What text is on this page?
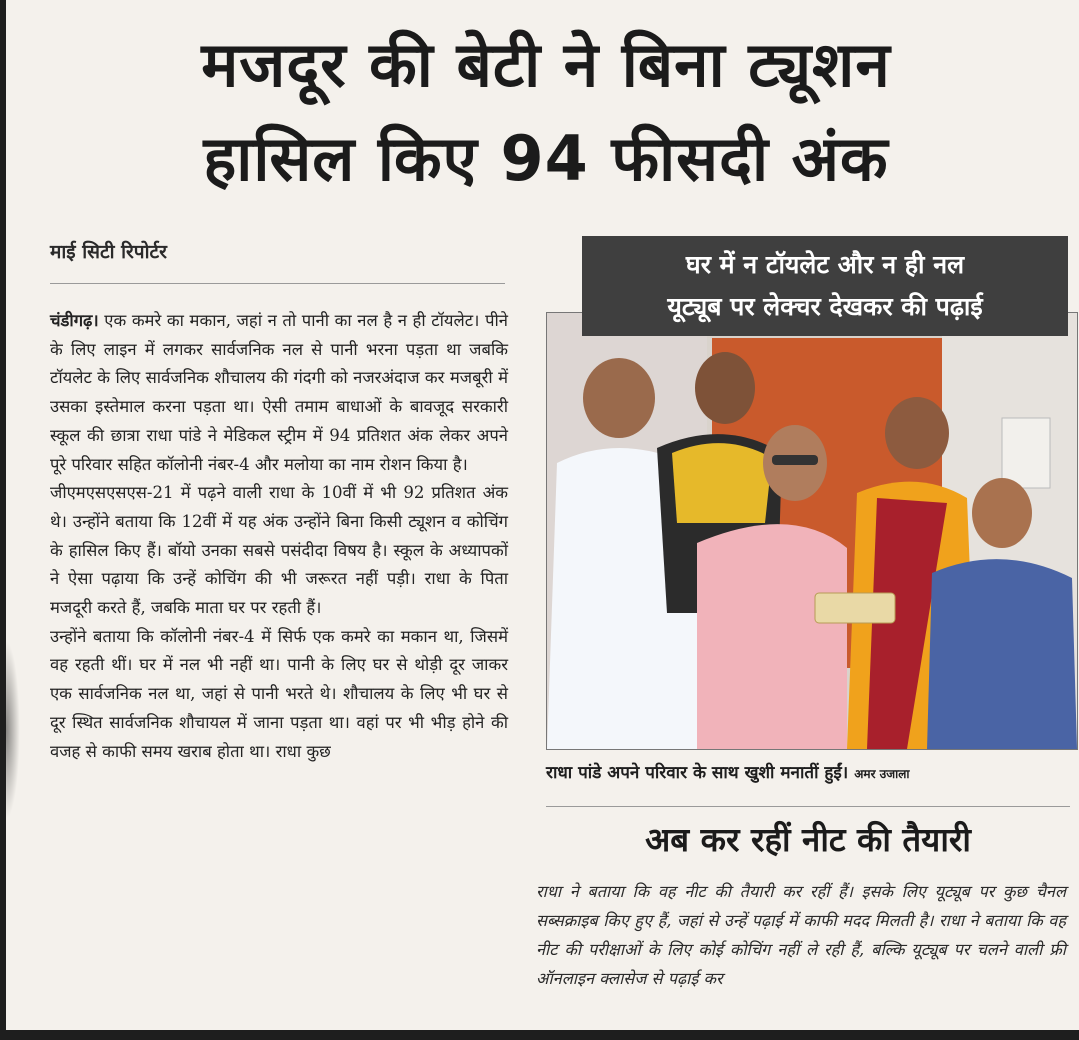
मजदूर की बेटी ने बिना ट्यूशन
हासिल किए 94 फीसदी अंक
माई सिटी रिपोर्टर

चंडीगढ़। एक कमरे का मकान, जहां न तो पानी का नल है न ही टॉयलेट। पीने के लिए लाइन में लगकर सार्वजनिक नल से पानी भरना पड़ता था जबकि टॉयलेट के लिए सार्वजनिक शौचालय की गंदगी को नजरअंदाज कर मजबूरी में उसका इस्तेमाल करना पड़ता था। ऐसी तमाम बाधाओं के बावजूद सरकारी स्कूल की छात्रा राधा पांडे ने मेडिकल स्ट्रीम में 94 प्रतिशत अंक लेकर अपने पूरे परिवार सहित कॉलोनी नंबर-4 और मलोया का नाम रोशन किया है।

जीएमएसएसएस-21 में पढ़ने वाली राधा के 10वीं में भी 92 प्रतिशत अंक थे। उन्होंने बताया कि 12वीं में यह अंक उन्होंने बिना किसी ट्यूशन व कोचिंग के हासिल किए हैं। बॉयो उनका सबसे पसंदीदा विषय है। स्कूल के अध्यापकों ने ऐसा पढ़ाया कि उन्हें कोचिंग की भी जरूरत नहीं पड़ी। राधा के पिता मजदूरी करते हैं, जबकि माता घर पर रहती हैं।

उन्होंने बताया कि कॉलोनी नंबर-4 में सिर्फ एक कमरे का मकान था, जिसमें वह रहती थीं। घर में नल भी नहीं था। पानी के लिए घर से थोड़ी दूर जाकर एक सार्वजनिक नल था, जहां से पानी भरते थे। शौचालय के लिए भी घर से दूर स्थित सार्वजनिक शौचायल में जाना पड़ता था। वहां पर भी भीड़ होने की वजह से काफी समय खराब होता था। राधा कुछ

घर में न टॉयलेट और न ही नल
यूट्यूब पर लेक्चर देखकर की पढ़ाई
राधा पांडे अपने परिवार के साथ खुशी मनातीं हुईं। अमर उजाला
अब कर रहीं नीट की तैयारी
राधा ने बताया कि वह नीट की तैयारी कर रहीं हैं। इसके लिए यूट्यूब पर कुछ चैनल सब्सक्राइब किए हुए हैं, जहां से उन्हें पढ़ाई में काफी मदद मिलती है। राधा ने बताया कि वह नीट की परीक्षाओं के लिए कोई कोचिंग नहीं ले रही हैं, बल्कि यूट्यूब पर चलने वाली फ्री ऑनलाइन क्लासेज से पढ़ाई कर
